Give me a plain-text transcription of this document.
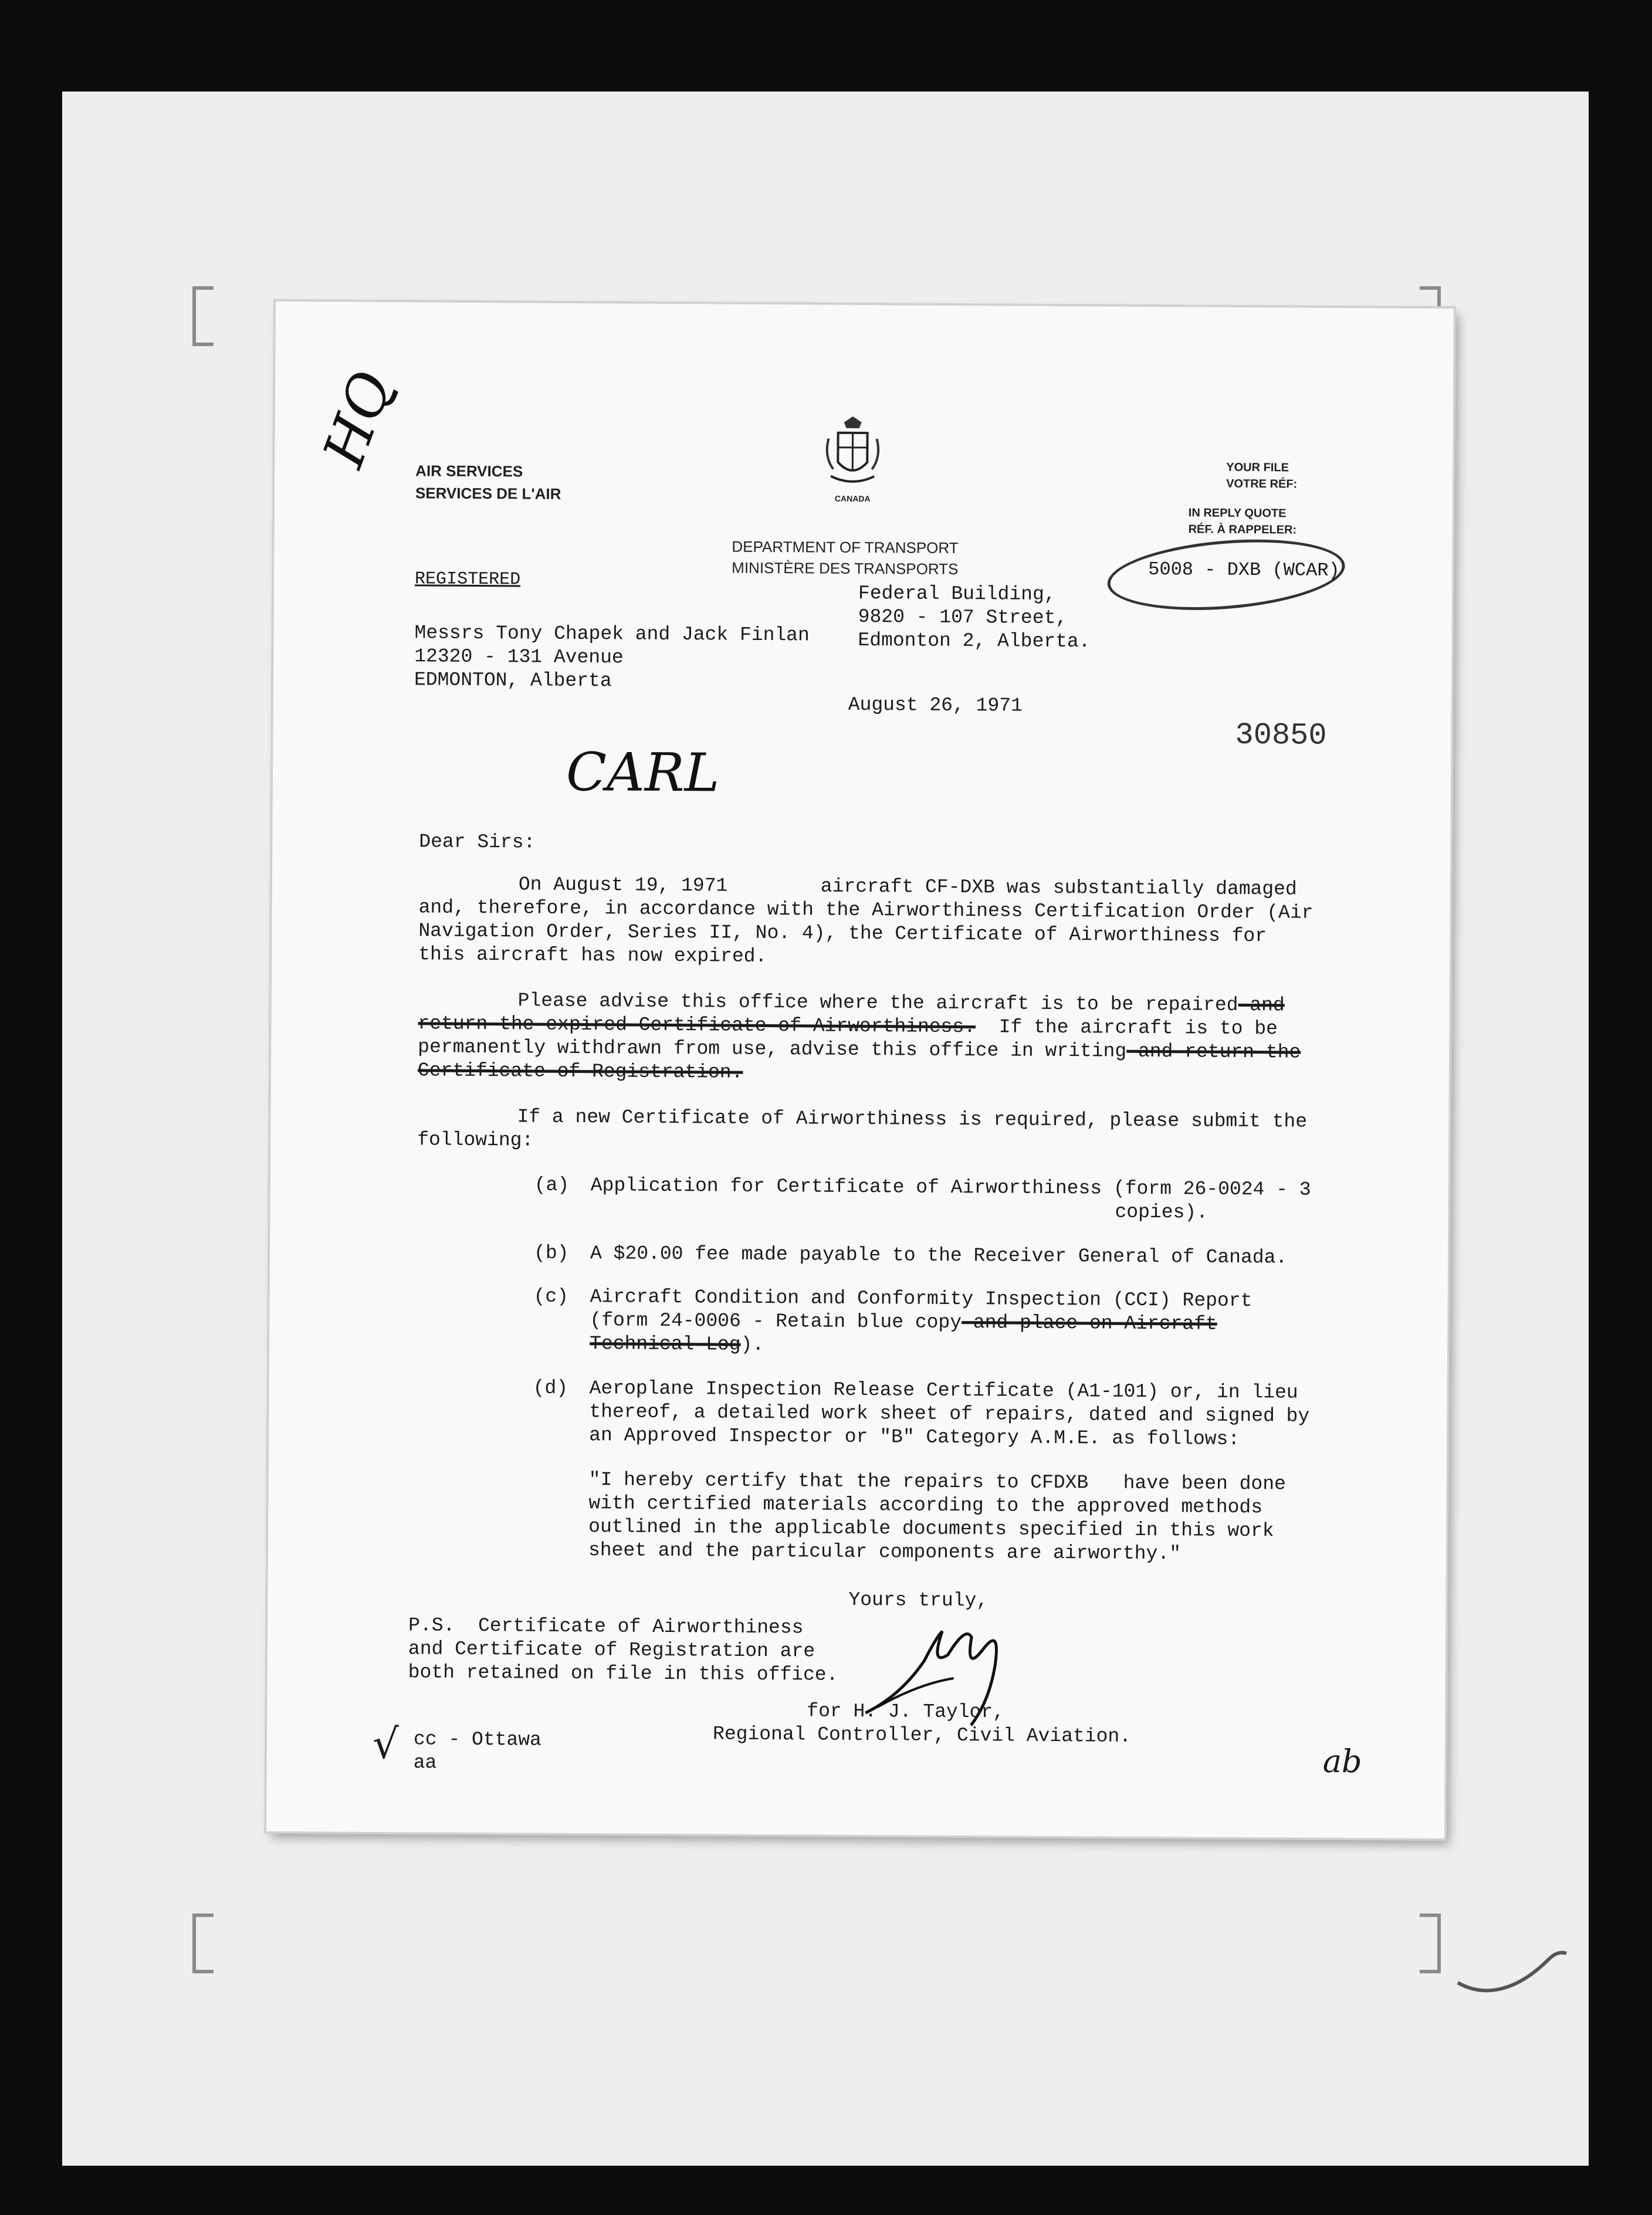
HQ AIR SERVICES
SERVICES DE L'AIR	CANADA
DEPARTMENT OF TRANSPORT
MINISTÈRE DES TRANSPORTS
YOUR FILE
VOTRE RÉF:
IN REPLY QUOTE
RÉF. À RAPPELER:
5008 - DXB (WCAR)
Federal Building,
9820 - 107 Street,
Edmonton 2, Alberta.
REGISTERED
Messrs Tony Chapek and Jack Finlan
12320 - 131 Avenue
EDMONTON, Alberta
August 26, 1971
30850
CARL
Dear Sirs:
On August 19, 1971	aircraft CF-DXB was substantially damaged
and, therefore, in accordance with the Airworthiness Certification Order (Air
Navigation Order, Series II, No. 4), the Certificate of Airworthiness for
this aircraft has now expired.
Please advise this office where the aircraft is to be repaired and
return the expired Certificate of Airworthiness.  If the aircraft is to be
permanently withdrawn from use, advise this office in writing and return the
Certificate of Registration.
If a new Certificate of Airworthiness is required, please submit the
following:
(a) Application for Certificate of Airworthiness (form 26-0024 - 3
copies).
(b) A $20.00 fee made payable to the Receiver General of Canada.
(c) Aircraft Condition and Conformity Inspection (CCI) Report
(form 24-0006 - Retain blue copy and place on Aircraft
Technical Log).
(d) Aeroplane Inspection Release Certificate (A1-101) or, in lieu
thereof, a detailed work sheet of repairs, dated and signed by
an Approved Inspector or "B" Category A.M.E. as follows:
"I hereby certify that the repairs to CFDXB   have been done
with certified materials according to the approved methods
outlined in the applicable documents specified in this work
sheet and the particular components are airworthy."
Yours truly,
P.S.  Certificate of Airworthiness
and Certificate of Registration are
both retained on file in this office.
for H. J. Taylor,
Regional Controller, Civil Aviation.
√ cc - Ottawa
aa	ab
